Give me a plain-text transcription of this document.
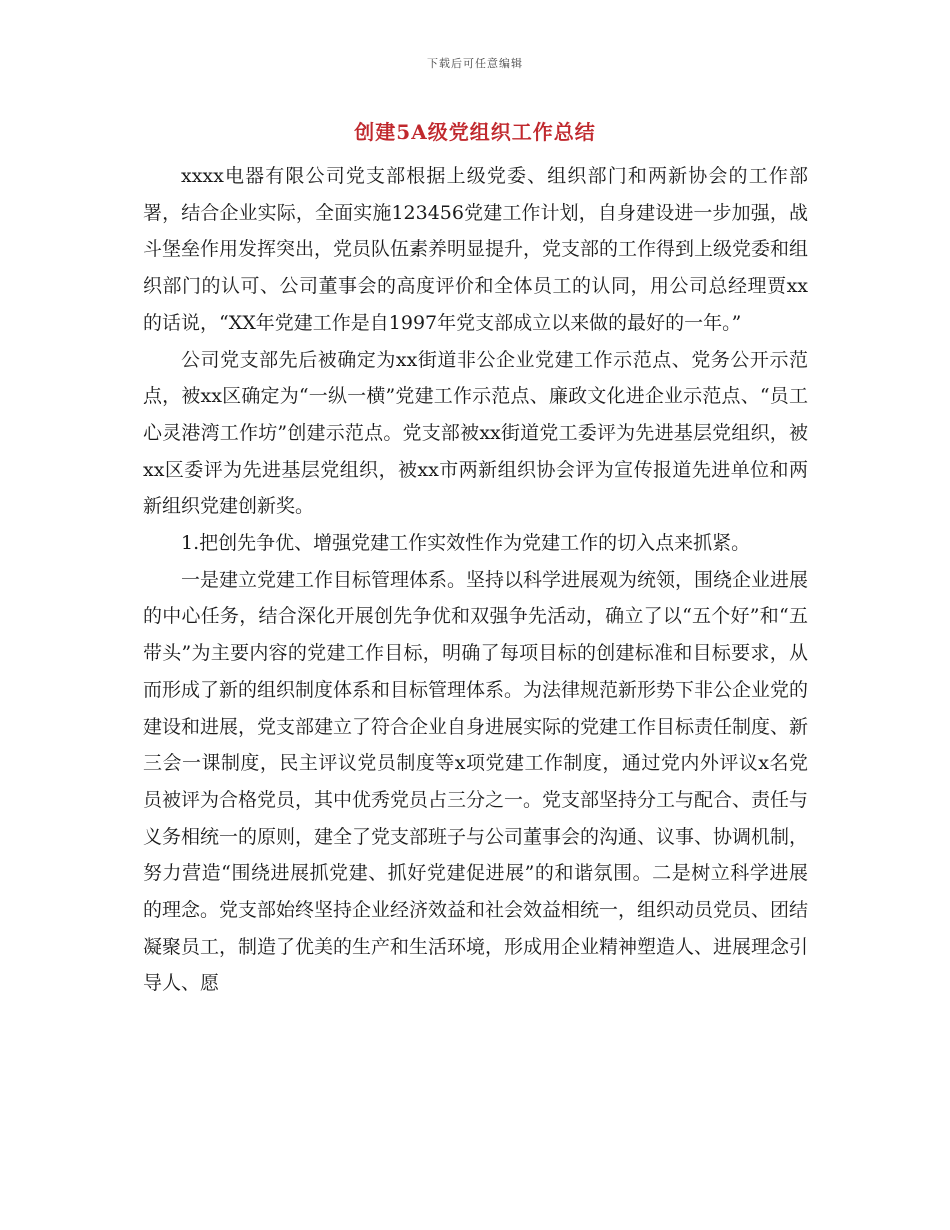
下载后可任意编辑
创建5A级党组织工作总结

xxxx电器有限公司党支部根据上级党委、组织部门和两新协会的工作部署，结合企业实际，全面实施123456党建工作计划，自身建设进一步加强，战斗堡垒作用发挥突出，党员队伍素养明显提升，党支部的工作得到上级党委和组织部门的认可、公司董事会的高度评价和全体员工的认同，用公司总经理贾xx的话说，“XX年党建工作是自1997年党支部成立以来做的最好的一年。”

公司党支部先后被确定为xx街道非公企业党建工作示范点、党务公开示范点，被xx区确定为“一纵一横”党建工作示范点、廉政文化进企业示范点、“员工心灵港湾工作坊”创建示范点。党支部被xx街道党工委评为先进基层党组织，被xx区委评为先进基层党组织，被xx市两新组织协会评为宣传报道先进单位和两新组织党建创新奖。

1.把创先争优、增强党建工作实效性作为党建工作的切入点来抓紧。

一是建立党建工作目标管理体系。坚持以科学进展观为统领，围绕企业进展的中心任务，结合深化开展创先争优和双强争先活动，确立了以“五个好”和“五带头”为主要内容的党建工作目标，明确了每项目标的创建标准和目标要求，从而形成了新的组织制度体系和目标管理体系。为法律规范新形势下非公企业党的建设和进展，党支部建立了符合企业自身进展实际的党建工作目标责任制度、新三会一课制度，民主评议党员制度等x项党建工作制度，通过党内外评议x名党员被评为合格党员，其中优秀党员占三分之一。党支部坚持分工与配合、责任与义务相统一的原则，建全了党支部班子与公司董事会的沟通、议事、协调机制，努力营造“围绕进展抓党建、抓好党建促进展”的和谐氛围。二是树立科学进展的理念。党支部始终坚持企业经济效益和社会效益相统一，组织动员党员、团结凝聚员工，制造了优美的生产和生活环境，形成用企业精神塑造人、进展理念引导人、愿
